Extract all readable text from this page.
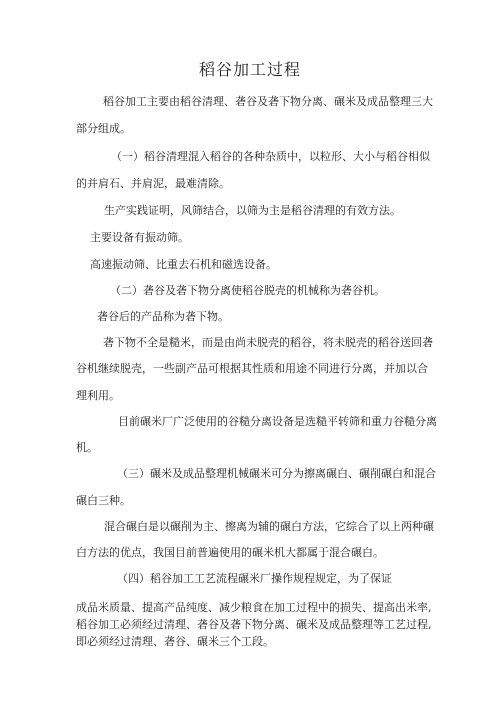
稻谷加工过程
稻谷加工主要由稻谷清理、砻谷及砻下物分离、碾米及成品整理三大
部分组成。
（一）稻谷清理混入稻谷的各种杂质中，以粒形、大小与稻谷相似
的并肩石、并肩泥，最难清除。
生产实践证明，风筛结合，以筛为主是稻谷清理的有效方法。
主要设备有振动筛。
高速振动筛、比重去石机和磁选设备。
（二）砻谷及砻下物分离使稻谷脱壳的机械称为砻谷机。
砻谷后的产品称为砻下物。
砻下物不全是糙米，而是由尚未脱壳的稻谷，将未脱壳的稻谷送回砻
谷机继续脱壳，一些副产品可根据其性质和用途不同进行分离，并加以合
理利用。
目前碾米厂广泛使用的谷糙分离设备是选糙平转筛和重力谷糙分离
机。
（三）碾米及成品整理机械碾米可分为擦离碾白、碾削碾白和混合
碾白三种。
混合碾白是以碾削为主、擦离为辅的碾白方法，它综合了以上两种碾
白方法的优点，我国目前普遍使用的碾米机大都属于混合碾白。
（四）稻谷加工工艺流程碾米厂操作规程规定，为了保证
成品米质量、提高产品纯度、减少粮食在加工过程中的损失、提高出米率,
稻谷加工必须经过清理、砻谷及砻下物分离、碾米及成品整理等工艺过程,
即必须经过清理、砻谷、碾米三个工段。
